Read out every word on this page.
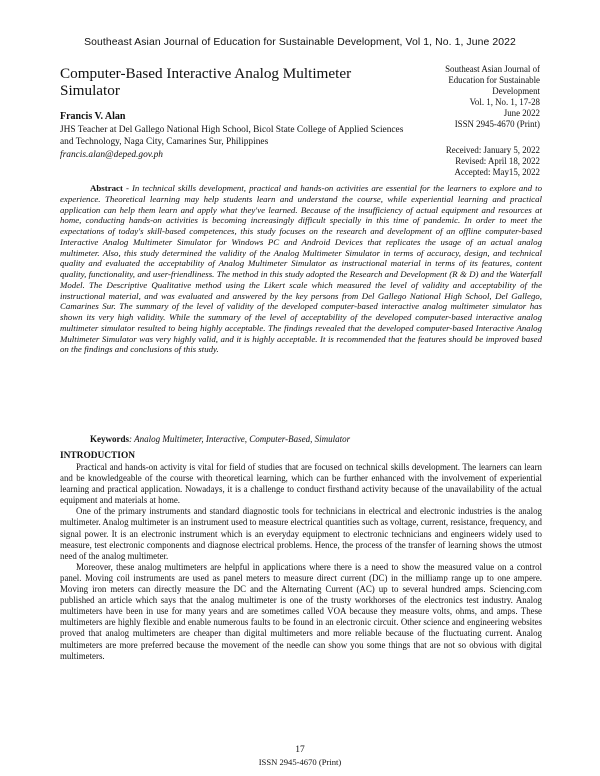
Southeast Asian Journal of Education for Sustainable Development, Vol 1, No. 1, June 2022
Computer-Based Interactive Analog Multimeter Simulator
Francis V. Alan
JHS Teacher at Del Gallego National High School, Bicol State College of Applied Sciences and Technology, Naga City, Camarines Sur, Philippines
francis.alan@deped.gov.ph
Southeast Asian Journal of
Education for Sustainable
Development
Vol. 1, No. 1, 17-28
June 2022
ISSN 2945-4670 (Print)
Received: January 5, 2022
Revised: April 18, 2022
Accepted: May15, 2022
Abstract - In technical skills development, practical and hands-on activities are essential for the learners to explore and to experience. Theoretical learning may help students learn and understand the course, while experiential learning and practical application can help them learn and apply what they've learned. Because of the insufficiency of actual equipment and resources at home, conducting hands-on activities is becoming increasingly difficult specially in this time of pandemic. In order to meet the expectations of today's skill-based competences, this study focuses on the research and development of an offline computer-based Interactive Analog Multimeter Simulator for Windows PC and Android Devices that replicates the usage of an actual analog multimeter. Also, this study determined the validity of the Analog Multimeter Simulator in terms of accuracy, design, and technical quality and evaluated the acceptability of Analog Multimeter Simulator as instructional material in terms of its features, content quality, functionality, and user-friendliness. The method in this study adopted the Research and Development (R & D) and the Waterfall Model. The Descriptive Qualitative method using the Likert scale which measured the level of validity and acceptability of the instructional material, and was evaluated and answered by the key persons from Del Gallego National High School, Del Gallego, Camarines Sur. The summary of the level of validity of the developed computer-based interactive analog multimeter simulator has shown its very high validity. While the summary of the level of acceptability of the developed computer-based interactive analog multimeter simulator resulted to being highly acceptable. The findings revealed that the developed computer-based Interactive Analog Multimeter Simulator was very highly valid, and it is highly acceptable. It is recommended that the features should be improved based on the findings and conclusions of this study.
Keywords: Analog Multimeter, Interactive, Computer-Based, Simulator
INTRODUCTION

Practical and hands-on activity is vital for field of studies that are focused on technical skills development. The learners can learn and be knowledgeable of the course with theoretical learning, which can be further enhanced with the involvement of experiential learning and practical application. Nowadays, it is a challenge to conduct firsthand activity because of the unavailability of the actual equipment and materials at home.

One of the primary instruments and standard diagnostic tools for technicians in electrical and electronic industries is the analog multimeter. Analog multimeter is an instrument used to measure electrical quantities such as voltage, current, resistance, frequency, and signal power. It is an electronic instrument which is an everyday equipment to electronic technicians and engineers widely used to measure, test electronic components and diagnose electrical problems. Hence, the process of the transfer of learning shows the utmost need of the analog multimeter.

Moreover, these analog multimeters are helpful in applications where there is a need to show the measured value on a control panel. Moving coil instruments are used as panel meters to measure direct current (DC) in the milliamp range up to one ampere. Moving iron meters can directly measure the DC and the Alternating Current (AC) up to several hundred amps. Sciencing.com published an article which says that the analog multimeter is one of the trusty workhorses of the electronics test industry. Analog multimeters have been in use for many years and are sometimes called VOA because they measure volts, ohms, and amps. These multimeters are highly flexible and enable numerous faults to be found in an electronic circuit. Other science and engineering websites proved that analog multimeters are cheaper than digital multimeters and more reliable because of the fluctuating current. Analog multimeters are more preferred because the movement of the needle can show you some things that are not so obvious with digital multimeters.

17
ISSN 2945-4670 (Print)
